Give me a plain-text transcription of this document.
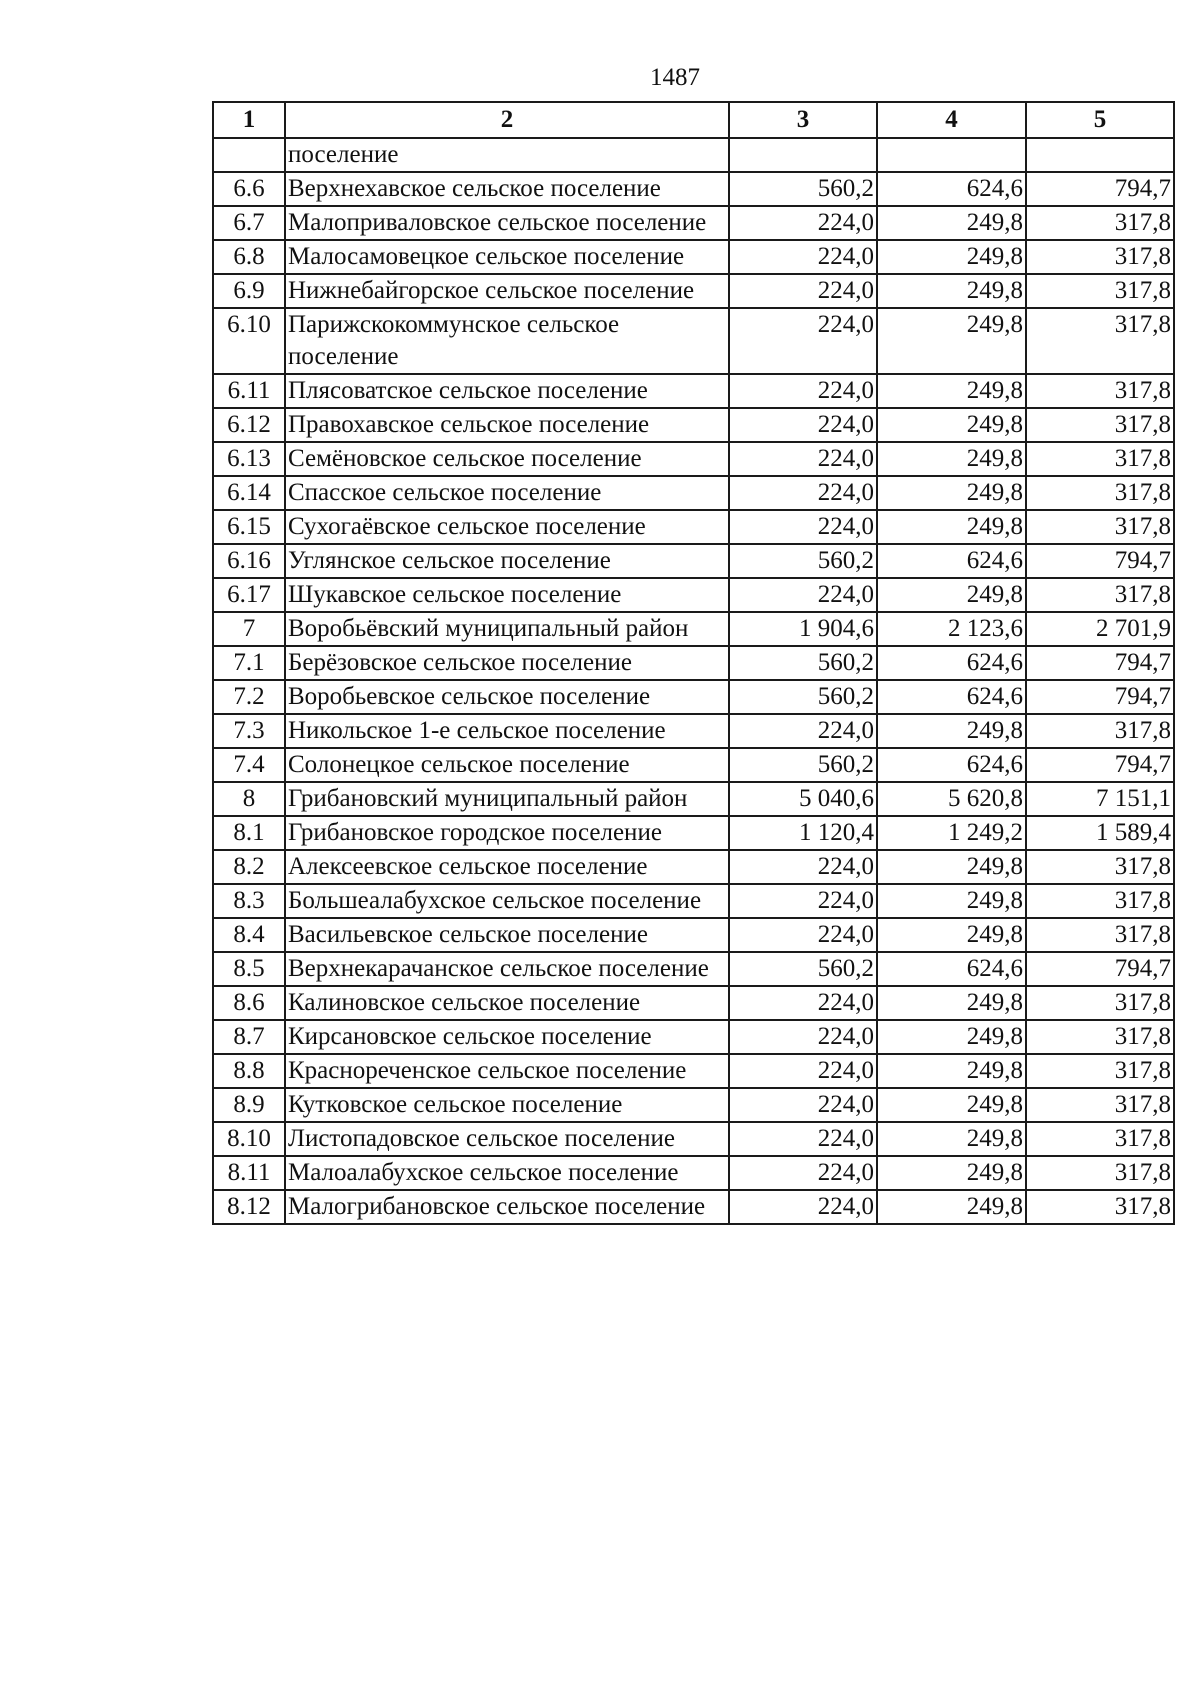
1487
1	2	3	4	5
	поселение			
6.6	Верхнехавское сельское поселение	560,2	624,6	794,7
6.7	Малоприваловское сельское поселение	224,0	249,8	317,8
6.8	Малосамовецкое сельское поселение	224,0	249,8	317,8
6.9	Нижнебайгорское сельское поселение	224,0	249,8	317,8
6.10	Парижскокоммунское сельское поселение	224,0	249,8	317,8
6.11	Плясоватское сельское поселение	224,0	249,8	317,8
6.12	Правохавское сельское поселение	224,0	249,8	317,8
6.13	Семёновское сельское поселение	224,0	249,8	317,8
6.14	Спасское сельское поселение	224,0	249,8	317,8
6.15	Сухогаёвское сельское поселение	224,0	249,8	317,8
6.16	Углянское сельское поселение	560,2	624,6	794,7
6.17	Шукавское сельское поселение	224,0	249,8	317,8
7	Воробьёвский муниципальный район	1 904,6	2 123,6	2 701,9
7.1	Берёзовское сельское поселение	560,2	624,6	794,7
7.2	Воробьевское сельское поселение	560,2	624,6	794,7
7.3	Никольское 1-е сельское поселение	224,0	249,8	317,8
7.4	Солонецкое сельское поселение	560,2	624,6	794,7
8	Грибановский муниципальный район	5 040,6	5 620,8	7 151,1
8.1	Грибановское городское поселение	1 120,4	1 249,2	1 589,4
8.2	Алексеевское сельское поселение	224,0	249,8	317,8
8.3	Большеалабухское сельское поселение	224,0	249,8	317,8
8.4	Васильевское сельское поселение	224,0	249,8	317,8
8.5	Верхнекарачанское сельское поселение	560,2	624,6	794,7
8.6	Калиновское сельское поселение	224,0	249,8	317,8
8.7	Кирсановское сельское поселение	224,0	249,8	317,8
8.8	Краснореченское сельское поселение	224,0	249,8	317,8
8.9	Кутковское сельское поселение	224,0	249,8	317,8
8.10	Листопадовское сельское поселение	224,0	249,8	317,8
8.11	Малоалабухское сельское поселение	224,0	249,8	317,8
8.12	Малогрибановское сельское поселение	224,0	249,8	317,8
